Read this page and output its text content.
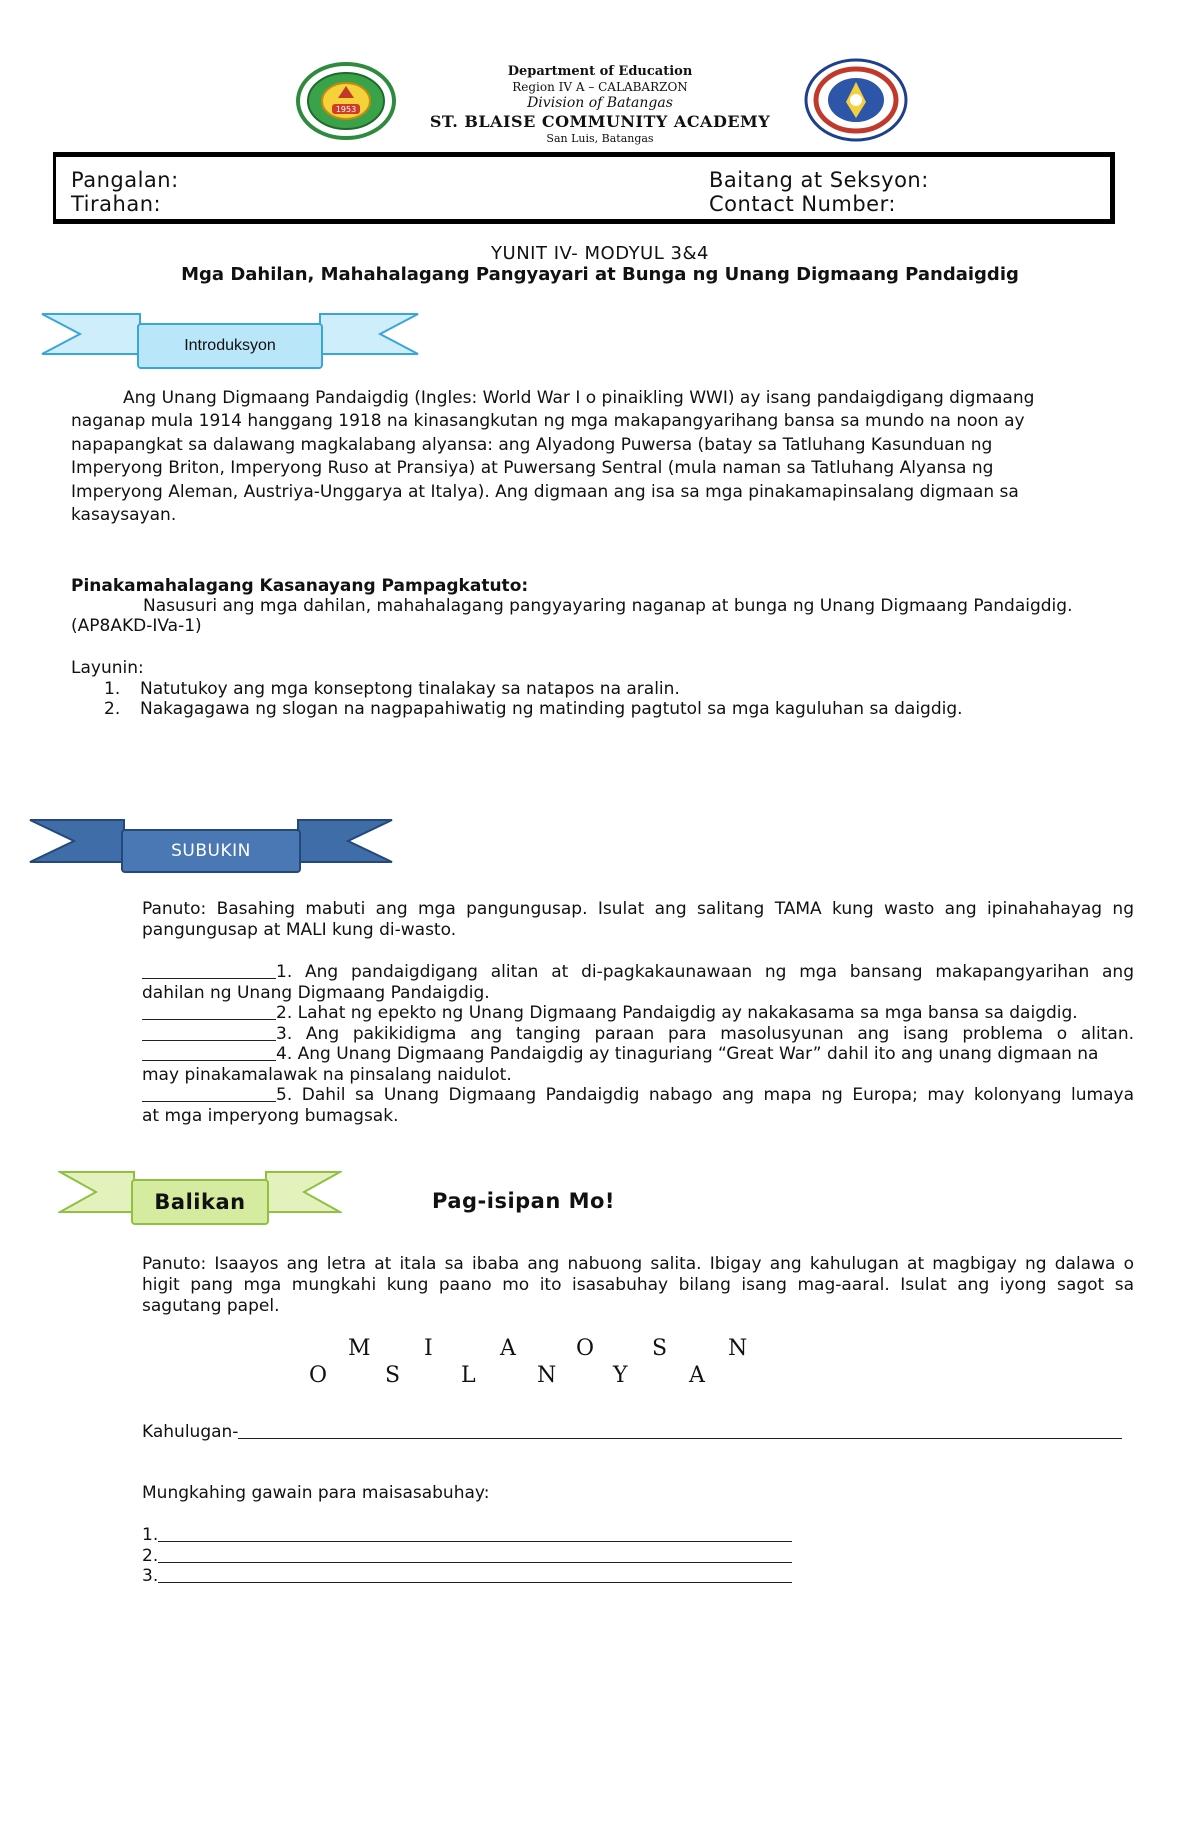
1953
Department of Education
Region IV A – CALABARZON
Division of Batangas
ST. BLAISE COMMUNITY ACADEMY
San Luis, Batangas
Pangalan:
Tirahan:
Baitang at Seksyon:
Contact Number:
YUNIT IV- MODYUL 3&4
Mga Dahilan, Mahahalagang Pangyayari at Bunga ng Unang Digmaang Pandaigdig
Introduksyon
Ang Unang Digmaang Pandaigdig (Ingles: World War I o pinaikling WWI) ay isang pandaigdigang digmaang
naganap mula 1914 hanggang 1918 na kinasangkutan ng mga makapangyarihang bansa sa mundo na noon ay
napapangkat sa dalawang magkalabang alyansa: ang Alyadong Puwersa (batay sa Tatluhang Kasunduan ng
Imperyong Briton, Imperyong Ruso at Pransiya) at Puwersang Sentral (mula naman sa Tatluhang Alyansa ng
Imperyong Aleman, Austriya-Unggarya at Italya). Ang digmaan ang isa sa mga pinakamapinsalang digmaan sa
kasaysayan.
Pinakamahalagang Kasanayang Pampagkatuto:
Nasusuri ang mga dahilan, mahahalagang pangyayaring naganap at bunga ng Unang Digmaang Pandaigdig.
(AP8AKD-IVa-1)
Layunin:
1. Natutukoy ang mga konseptong tinalakay sa natapos na aralin.
2. Nakagagawa ng slogan na nagpapahiwatig ng matinding pagtutol sa mga kaguluhan sa daigdig.
SUBUKIN
Panuto: Basahing mabuti ang mga pangungusap. Isulat ang salitang TAMA kung wasto ang ipinahahayag ng
pangungusap at MALI kung di-wasto.
1. Ang pandaigdigang alitan at di-pagkakaunawaan ng mga bansang makapangyarihan ang
dahilan ng Unang Digmaang Pandaigdig.
2. Lahat ng epekto ng Unang Digmaang Pandaigdig ay nakakasama sa mga bansa sa daigdig.
3. Ang pakikidigma ang tanging paraan para masolusyunan ang isang problema o alitan.
4. Ang Unang Digmaang Pandaigdig ay tinaguriang “Great War” dahil ito ang unang digmaan na
may pinakamalawak na pinsalang naidulot.
5. Dahil sa Unang Digmaang Pandaigdig nabago ang mapa ng Europa; may kolonyang lumaya
at mga imperyong bumagsak.
Balikan	Pag-isipan Mo!
Panuto: Isaayos ang letra at itala sa ibaba ang nabuong salita. Ibigay ang kahulugan at magbigay ng dalawa o
higit pang mga mungkahi kung paano mo ito isasabuhay bilang isang mag-aaral. Isulat ang iyong sagot sa
sagutang papel.
M I	A	O	S	N
O	S	L	N	Y	A
Kahulugan-
Mungkahing gawain para maisasabuhay:
1.
2.
3.
